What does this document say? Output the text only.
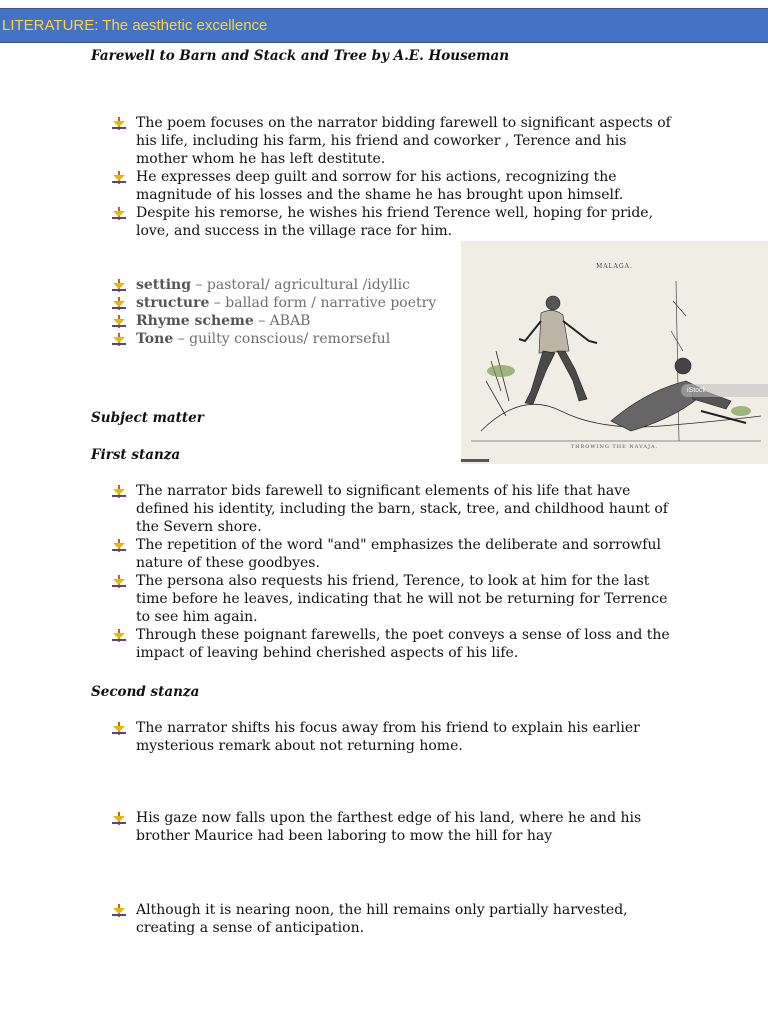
LITERATURE: The aesthetic excellence
Farewell to Barn and Stack and Tree by A.E. Houseman
The poem focuses on the narrator bidding farewell to significant aspects of his life, including his farm, his friend and coworker , Terence and his mother whom he has left destitute.
He expresses deep guilt and sorrow for his actions, recognizing the magnitude of his losses and the shame he has brought upon himself.
Despite his remorse, he wishes his friend Terence well, hoping for pride, love, and success in the village race for him.
setting – pastoral/ agricultural /idyllic
structure – ballad form / narrative poetry
Rhyme scheme – ABAB
Tone – guilty conscious/ remorseful
MALAGA.
iStock
THROWING THE NAVAJA.
Subject matter
First stanza
The narrator bids farewell to significant elements of his life that have defined his identity, including the barn, stack, tree, and childhood haunt of the Severn shore.
The repetition of the word "and" emphasizes the deliberate and sorrowful nature of these goodbyes.
The persona also requests his friend, Terence, to look at him for the last time before he leaves, indicating that he will not be returning for Terrence to see him again.
Through these poignant farewells, the poet conveys a sense of loss and the impact of leaving behind cherished aspects of his life.
Second stanza
The narrator shifts his focus away from his friend to explain his earlier mysterious remark about not returning home.
His gaze now falls upon the farthest edge of his land, where he and his brother Maurice had been laboring to mow the hill for hay
Although it is nearing noon, the hill remains only partially harvested, creating a sense of anticipation.
